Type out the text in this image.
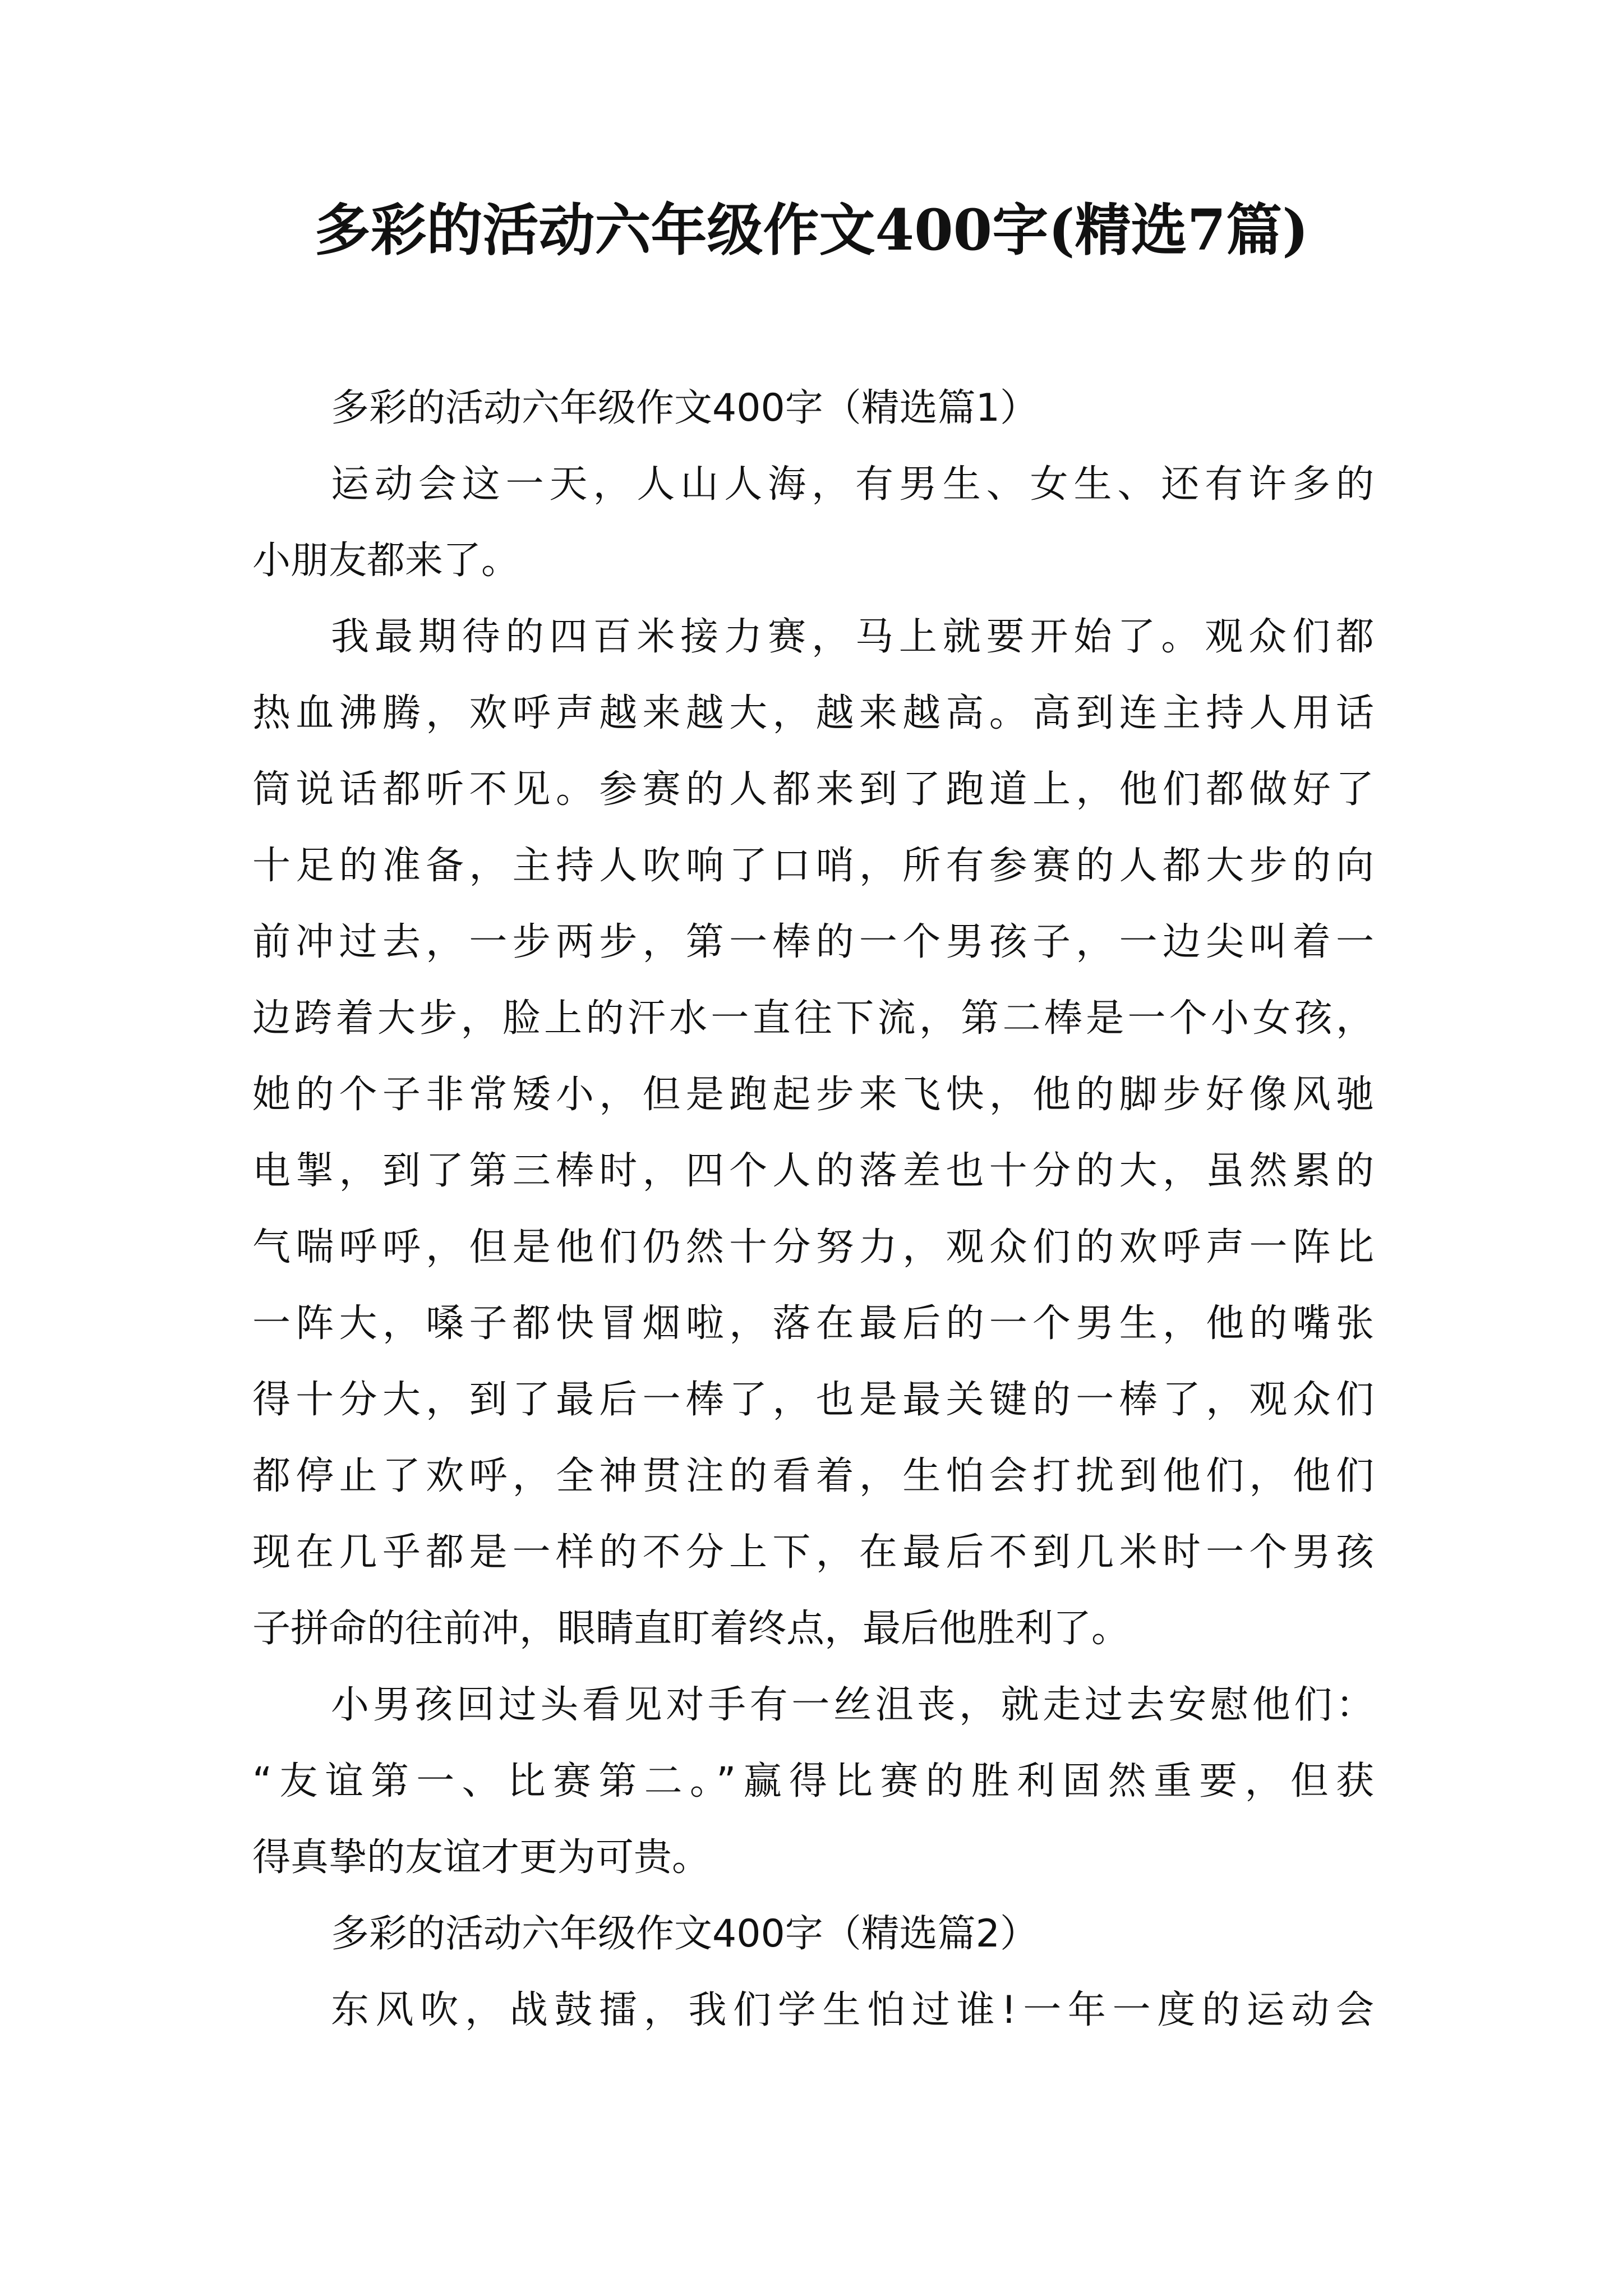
多彩的活动六年级作文400字(精选7篇)
多彩的活动六年级作文400字（精选篇1）
运动会这一天，人山人海，有男生、女生、还有许多的
小朋友都来了。
我最期待的四百米接力赛，马上就要开始了。观众们都
热血沸腾，欢呼声越来越大，越来越高。高到连主持人用话
筒说话都听不见。参赛的人都来到了跑道上，他们都做好了
十足的准备，主持人吹响了口哨，所有参赛的人都大步的向
前冲过去，一步两步，第一棒的一个男孩子，一边尖叫着一
边跨着大步，脸上的汗水一直往下流，第二棒是一个小女孩，
她的个子非常矮小，但是跑起步来飞快，他的脚步好像风驰
电掣，到了第三棒时，四个人的落差也十分的大，虽然累的
气喘呼呼，但是他们仍然十分努力，观众们的欢呼声一阵比
一阵大，嗓子都快冒烟啦，落在最后的一个男生，他的嘴张
得十分大，到了最后一棒了，也是最关键的一棒了，观众们
都停止了欢呼，全神贯注的看着，生怕会打扰到他们，他们
现在几乎都是一样的不分上下，在最后不到几米时一个男孩
子拼命的往前冲，眼睛直盯着终点，最后他胜利了。
小男孩回过头看见对手有一丝沮丧，就走过去安慰他们：
“友谊第一、比赛第二。”赢得比赛的胜利固然重要，但获
得真挚的友谊才更为可贵。
多彩的活动六年级作文400字（精选篇2）
东风吹，战鼓擂，我们学生怕过谁!一年一度的运动会
